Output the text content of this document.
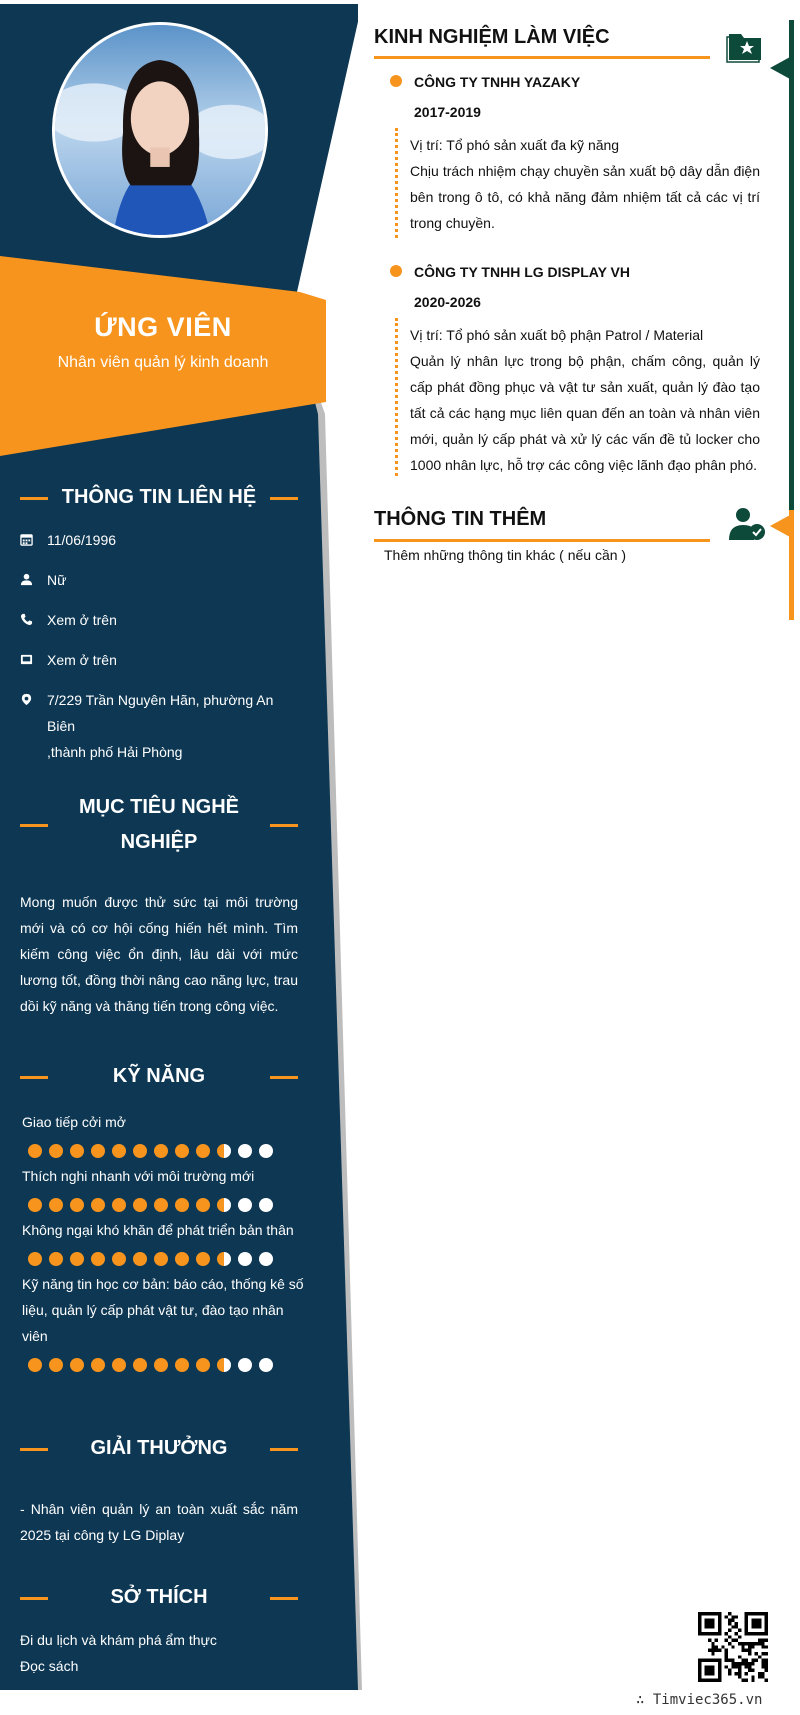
ỨNG VIÊN
Nhân viên quản lý kinh doanh
THÔNG TIN LIÊN HỆ
11/06/1996
Nữ
Xem ở trên
Xem ở trên
7/229 Trần Nguyên Hãn, phường An Biên
,thành phố Hải Phòng
MỤC TIÊU NGHỀ
NGHIỆP
Mong muốn được thử sức tại môi trường mới và có cơ hội cống hiến hết mình. Tìm kiếm công việc ổn định, lâu dài với mức lương tốt, đồng thời nâng cao năng lực, trau dồi kỹ năng và thăng tiến trong công việc.
KỸ NĂNG
Giao tiếp cởi mở
Thích nghi nhanh với môi trường mới
Không ngại khó khăn để phát triển bản thân
Kỹ năng tin học cơ bản: báo cáo, thống kê số liệu, quản lý cấp phát vật tư, đào tạo nhân viên
GIẢI THƯỞNG
- Nhân viên quản lý an toàn xuất sắc năm 2025 tại công ty LG Diplay
SỞ THÍCH
Đi du lịch và khám phá ẩm thực
Đọc sách
KINH NGHIỆM LÀM VIỆC
CÔNG TY TNHH YAZAKY
2017-2019
Vị trí: Tổ phó sản xuất đa kỹ năng
Chịu trách nhiệm chạy chuyền sản xuất bộ dây dẫn điện bên trong ô tô, có khả năng đảm nhiệm tất cả các vị trí trong chuyền.
CÔNG TY TNHH LG DISPLAY VH
2020-2026
Vị trí: Tổ phó sản xuất bộ phận Patrol / Material
Quản lý nhân lực trong bộ phận, chấm công, quản lý cấp phát đồng phục và vật tư sản xuất, quản lý đào tạo tất cả các hạng mục liên quan đến an toàn và nhân viên mới, quản lý cấp phát và xử lý các vấn đề tủ locker cho 1000 nhân lực, hỗ trợ các công việc lãnh đạo phân phó.
THÔNG TIN THÊM
Thêm những thông tin khác ( nếu cần )
∴ Timviec365.vn
